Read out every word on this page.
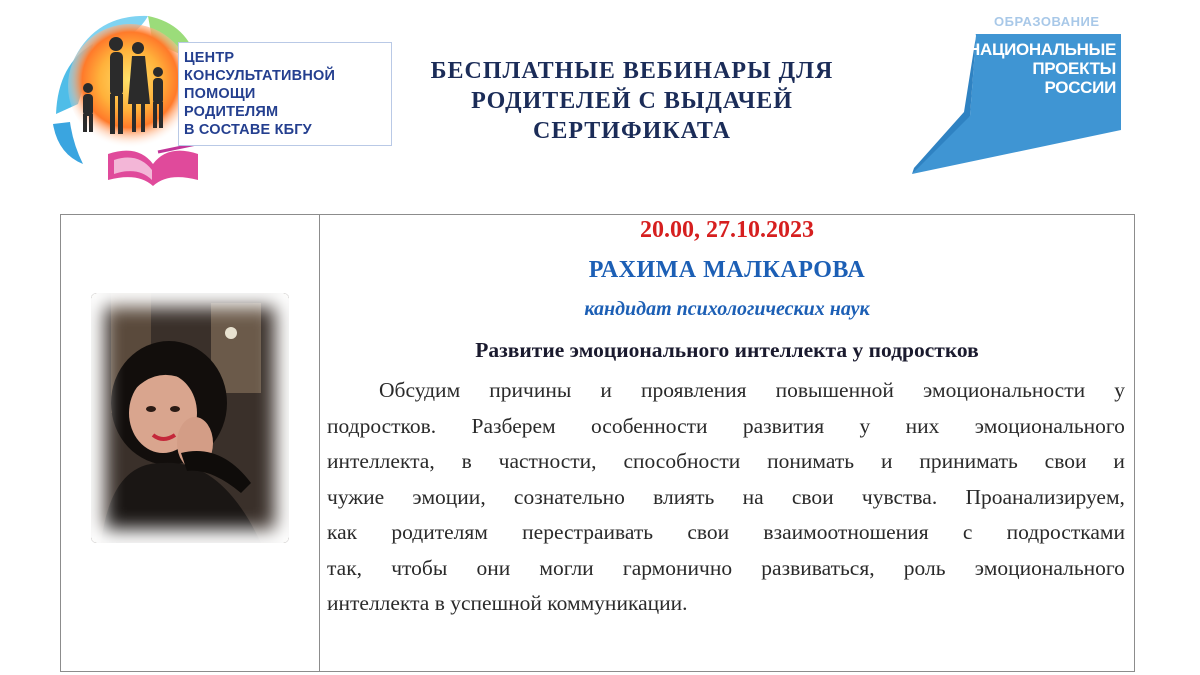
ЦЕНТР
КОНСУЛЬТАТИВНОЙ
ПОМОЩИ
РОДИТЕЛЯМ
В СОСТАВЕ КБГУ
БЕСПЛАТНЫЕ ВЕБИНАРЫ ДЛЯ
РОДИТЕЛЕЙ С ВЫДАЧЕЙ
СЕРТИФИКАТА
ОБРАЗОВАНИЕ
НАЦИОНАЛЬНЫЕ
ПРОЕКТЫ
РОССИИ
20.00, 27.10.2023
РАХИМА МАЛКАРОВА
кандидат психологических наук
Развитие эмоционального интеллекта у подростков
Обсудим причины и проявления повышенной эмоциональности у
подростков. Разберем особенности развития у них эмоционального
интеллекта, в частности, способности понимать и принимать свои и
чужие эмоции, сознательно влиять на свои чувства. Проанализируем,
как родителям перестраивать свои взаимоотношения с подростками
так, чтобы они могли гармонично развиваться, роль эмоционального
интеллекта в успешной коммуникации.
